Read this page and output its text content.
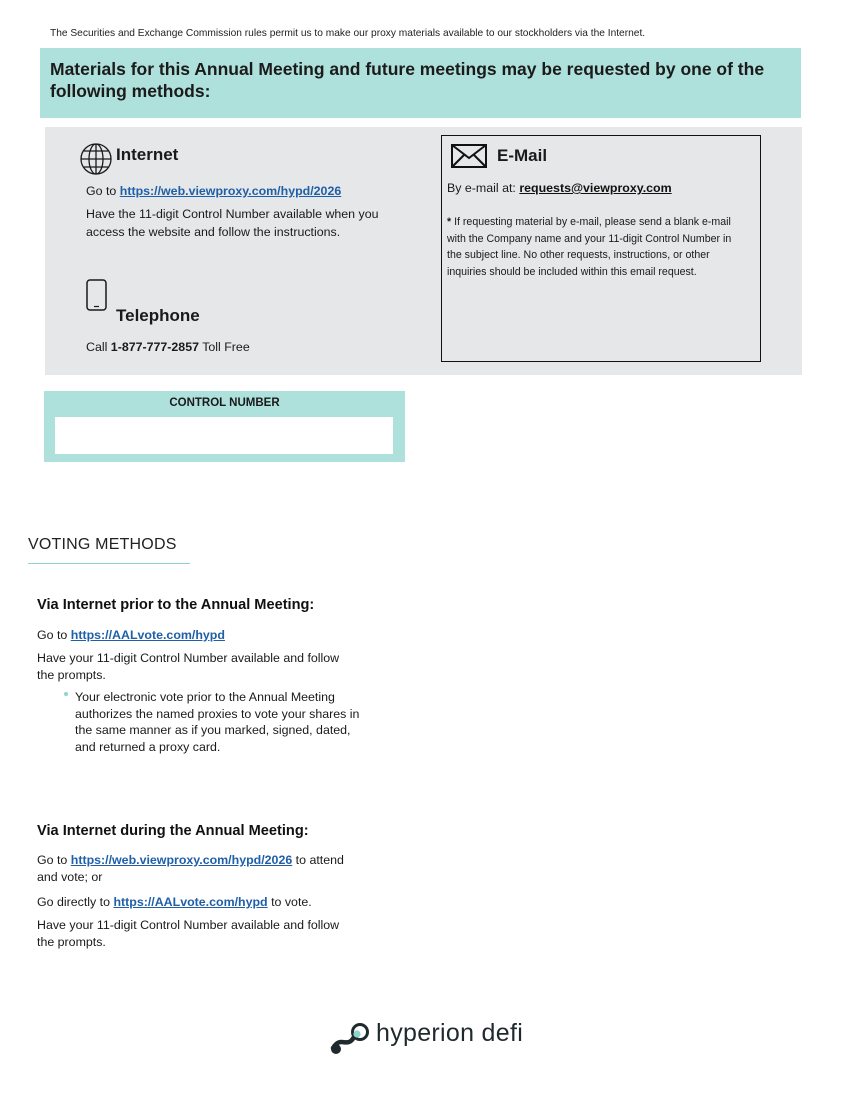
The Securities and Exchange Commission rules permit us to make our proxy materials available to our stockholders via the Internet.
Materials for this Annual Meeting and future meetings may be requested by one of the
following methods:
Internet
Go to https://web.viewproxy.com/hypd/2026
Have the 11-digit Control Number available when you
access the website and follow the instructions.
Telephone
Call 1-877-777-2857 Toll Free
E-Mail
By e-mail at: requests@viewproxy.com
* If requesting material by e-mail, please send a blank e-mail with the Company name and your 11-digit Control Number in the subject line. No other requests, instructions, or other inquiries should be included within this email request.
CONTROL NUMBER
VOTING METHODS
Via Internet prior to the Annual Meeting:
Go to https://AALvote.com/hypd
Have your 11-digit Control Number available and follow the prompts.
Your electronic vote prior to the Annual Meeting authorizes the named proxies to vote your shares in the same manner as if you marked, signed, dated, and returned a proxy card.
Via Internet during the Annual Meeting:
Go to https://web.viewproxy.com/hypd/2026 to attend and vote; or
Go directly to https://AALvote.com/hypd to vote.
Have your 11-digit Control Number available and follow the prompts.
hyperion defi
